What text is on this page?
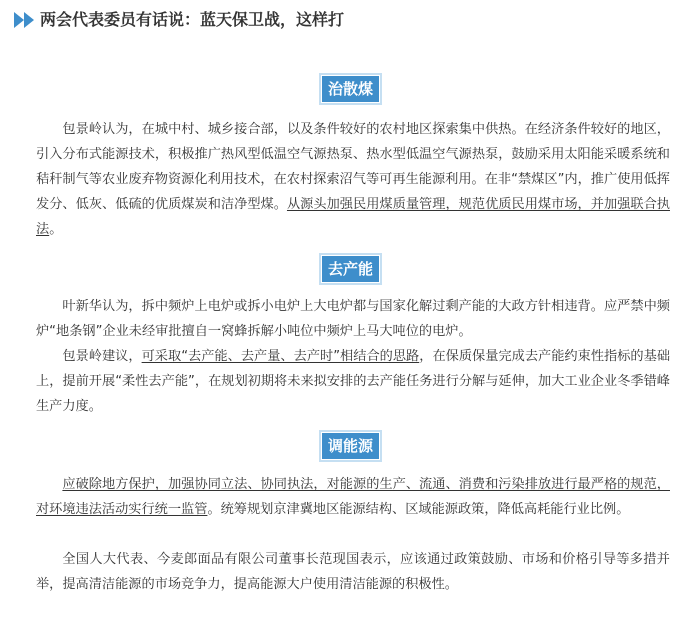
两会代表委员有话说：蓝天保卫战，这样打
治散煤

包景岭认为，在城中村、城乡接合部，以及条件较好的农村地区探索集中供热。在经济条件较好的地区，引入分布式能源技术，积极推广热风型低温空气源热泵、热水型低温空气源热泵，鼓励采用太阳能采暖系统和秸秆制气等农业废弃物资源化利用技术，在农村探索沼气等可再生能源利用。在非“禁煤区”内，推广使用低挥发分、低灰、低硫的优质煤炭和洁净型煤。从源头加强民用煤质量管理，规范优质民用煤市场，并加强联合执法。

去产能

叶新华认为，拆中频炉上电炉或拆小电炉上大电炉都与国家化解过剩产能的大政方针相违背。应严禁中频炉“地条钢”企业未经审批擅自一窝蜂拆解小吨位中频炉上马大吨位的电炉。

包景岭建议，可采取“去产能、去产量、去产时”相结合的思路，在保质保量完成去产能约束性指标的基础上，提前开展“柔性去产能”，在规划初期将未来拟安排的去产能任务进行分解与延伸，加大工业企业冬季错峰生产力度。

调能源

应破除地方保护，加强协同立法、协同执法，对能源的生产、流通、消费和污染排放进行最严格的规范，对环境违法活动实行统一监管。统筹规划京津冀地区能源结构、区域能源政策，降低高耗能行业比例。

全国人大代表、今麦郎面品有限公司董事长范现国表示，应该通过政策鼓励、市场和价格引导等多措并举，提高清洁能源的市场竞争力，提高能源大户使用清洁能源的积极性。
